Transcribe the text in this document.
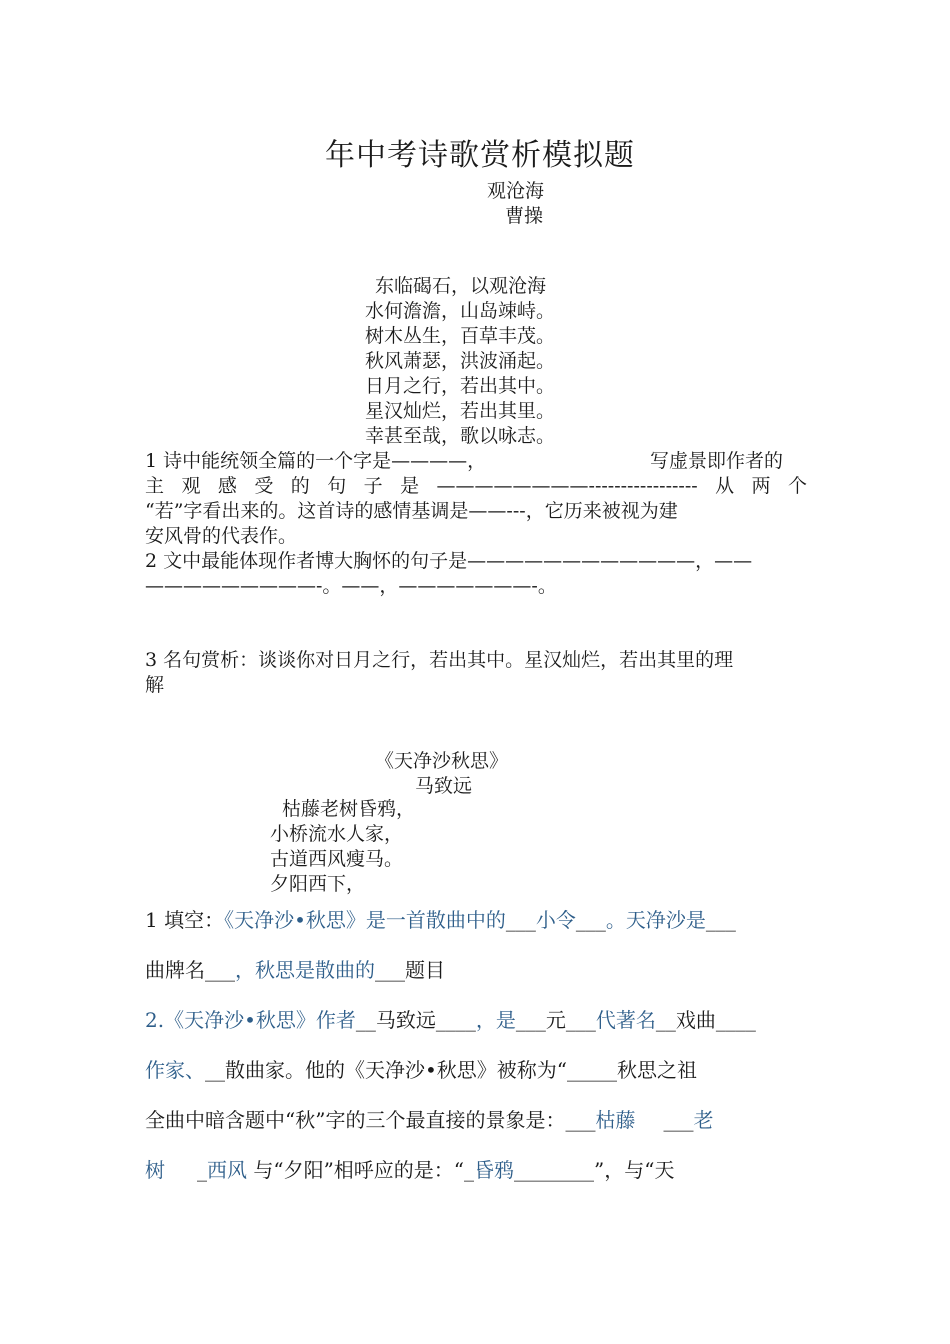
年中考诗歌赏析模拟题
观沧海
曹操
东临碣石，以观沧海
水何澹澹，山岛竦峙。
树木丛生，百草丰茂。
秋风萧瑟，洪波涌起。
日月之行，若出其中。
星汉灿烂，若出其里。
幸甚至哉，歌以咏志。
1 诗中能统领全篇的一个字是————，	写虚景即作者的
主观感受的句子是————————-----------------从两个
“若”字看出来的。这首诗的感情基调是——---，它历来被视为建
安风骨的代表作。
2 文中最能体现作者博大胸怀的句子是————————————，——
—————————-。——，———————-。
3 名句赏析：谈谈你对日月之行，若出其中。星汉灿烂，若出其里的理
解
《天净沙秋思》
马致远
枯藤老树昏鸦，
小桥流水人家，
古道西风瘦马。
夕阳西下，
1 填空：《天净沙•秋思》是一首散曲中的___小令___。天净沙是___
曲牌名___，秋思是散曲的___题目
2.《天净沙•秋思》作者__马致远____，是___元___代著名__戏曲____
作家、__散曲家。他的《天净沙•秋思》被称为“_____秋思之祖
全曲中暗含题中“秋”字的三个最直接的景象是：___枯藤 ___老
树 _西风 与“夕阳”相呼应的是：“_昏鸦________”，与“天
